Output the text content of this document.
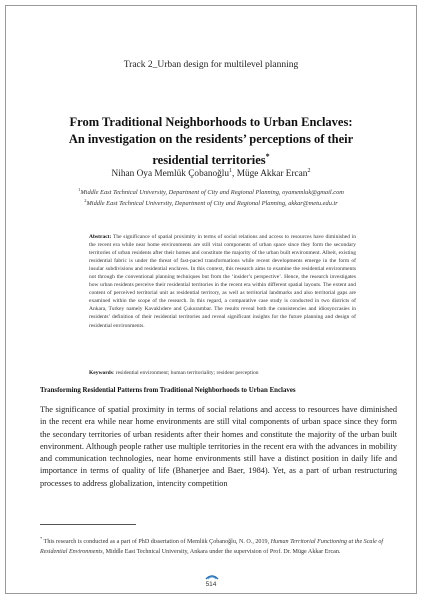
Track 2_Urban design for multilevel planning
From Traditional Neighborhoods to Urban Enclaves:
An investigation on the residents’ perceptions of their
residential territories*
Nihan Oya Memlük Çobanoğlu$^1$, Müge Akkar Ercan$^2$
$^1$Middle East Technical University, Department of City and Regional Planning, oyamemluk@gmail.com
$^2$Middle East Technical University, Department of City and Regional Planning, akkar@metu.edu.tr
Abstract: The significance of spatial proximity in terms of social relations and access to resources have diminished in the recent era while near home environments are still vital components of urban space since they form the secondary territories of urban residents after their homes and constitute the majority of the urban built environment. Albeit, existing residential fabric is under the threat of fast-paced transformations while recent developments emerge in the form of insular subdivisions and residential enclaves. In this context, this research aims to examine the residential environments not through the conventional planning techniques but from the ‘insider’s perspective’. Hence, the research investigates how urban residents perceive their residential territories in the recent era within different spatial layouts. The extent and content of perceived territorial unit as residential territory, as well as territorial landmarks and also territorial gaps are examined within the scope of the research. In this regard, a comparative case study is conducted in two districts of Ankara, Turkey namely Kavaklıdere and Çukurambar. The results reveal both the consistencies and idiosyncrasies in residents’ definition of their residential territories and reveal significant insights for the future planning and design of residential environments.
Keywords: residential environment; human territoriality; resident perception
Transforming Residential Patterns from Traditional Neighborhoods to Urban Enclaves
The significance of spatial proximity in terms of social relations and access to resources have diminished in the recent era while near home environments are still vital components of urban space since they form the secondary territories of urban residents after their homes and constitute the majority of the urban built environment. Although people rather use multiple territories in the recent era with the advances in mobility and communication technologies, near home environments still have a distinct position in daily life and importance in terms of quality of life (Bhanerjee and Baer, 1984). Yet, as a part of urban restructuring processes to address globalization, intencity competition
* This research is conducted as a part of PhD dissertation of Memlük Çobanoğlu, N. O., 2019, Human Territorial Functioning at the Scale of Residential Environments, Middle East Technical University, Ankara under the supervision of Prof. Dr. Müge Akkar Ercan.
514
